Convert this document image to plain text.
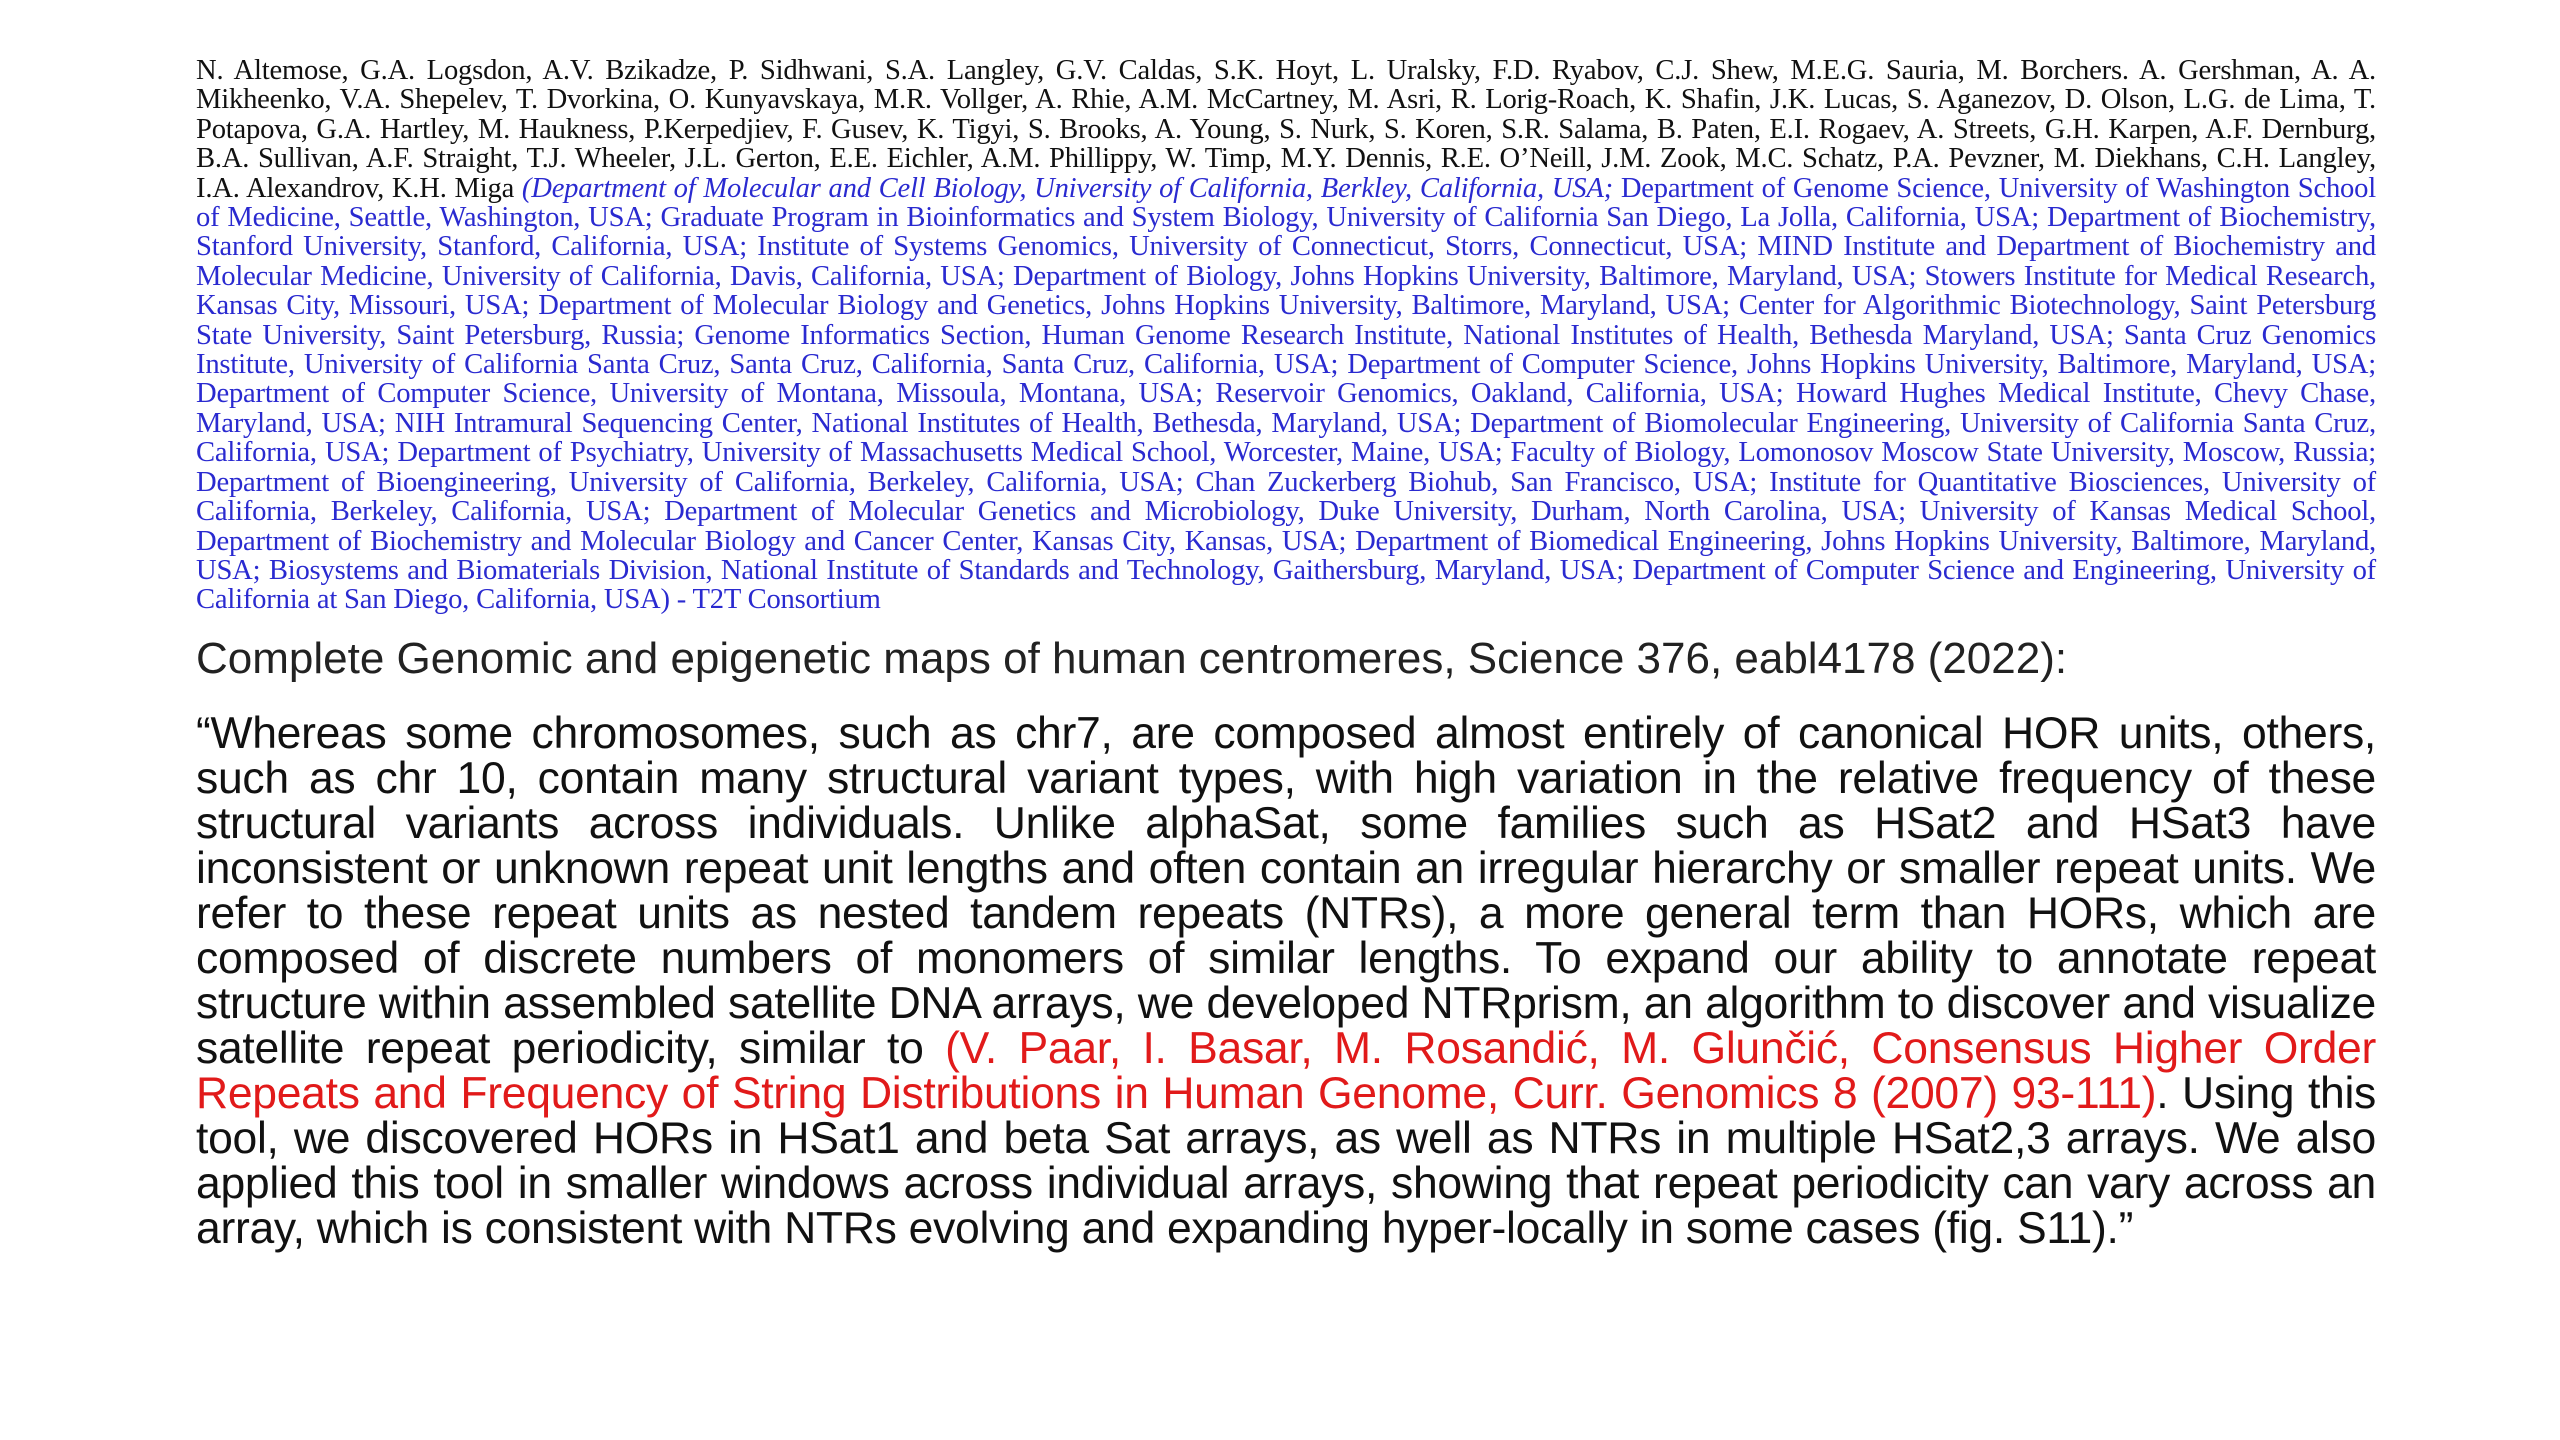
N. Altemose, G.A. Logsdon, A.V. Bzikadze, P. Sidhwani, S.A. Langley, G.V. Caldas, S.K. Hoyt, L. Uralsky, F.D. Ryabov, C.J. Shew, M.E.G. Sauria, M. Borchers. A. Gershman, A. A. Mikheenko, V.A. Shepelev, T. Dvorkina, O. Kunyavskaya, M.R. Vollger, A. Rhie, A.M. McCartney, M. Asri, R. Lorig-Roach, K. Shafin, J.K. Lucas, S. Aganezov, D. Olson, L.G. de Lima, T. Potapova, G.A. Hartley, M. Haukness, P.Kerpedjiev, F. Gusev, K. Tigyi, S. Brooks, A. Young, S. Nurk, S. Koren, S.R. Salama, B. Paten, E.I. Rogaev, A. Streets, G.H. Karpen, A.F. Dernburg, B.A. Sullivan, A.F. Straight, T.J. Wheeler, J.L. Gerton, E.E. Eichler, A.M. Phillippy, W. Timp, M.Y. Dennis, R.E. O’Neill, J.M. Zook, M.C. Schatz, P.A. Pevzner, M. Diekhans, C.H. Langley, I.A. Alexandrov, K.H. Miga (Department of Molecular and Cell Biology, University of California, Berkley, California, USA; Department of Genome Science, University of Washington School of Medicine, Seattle, Washington, USA; Graduate Program in Bioinformatics and System Biology, University of California San Diego, La Jolla, California, USA; Department of Biochemistry, Stanford University, Stanford, California, USA; Institute of Systems Genomics, University of Connecticut, Storrs, Connecticut, USA; MIND Institute and Department of Biochemistry and Molecular Medicine, University of California, Davis, California, USA; Department of Biology, Johns Hopkins University, Baltimore, Maryland, USA; Stowers Institute for Medical Research, Kansas City, Missouri, USA; Department of Molecular Biology and Genetics, Johns Hopkins University, Baltimore, Maryland, USA; Center for Algorithmic Biotechnology, Saint Petersburg State University, Saint Petersburg, Russia; Genome Informatics Section, Human Genome Research Institute, National Institutes of Health, Bethesda Maryland, USA; Santa Cruz Genomics Institute, University of California Santa Cruz, Santa Cruz, California, Santa Cruz, California, USA; Department of Computer Science, Johns Hopkins University, Baltimore, Maryland, USA; Department of Computer Science, University of Montana, Missoula, Montana, USA; Reservoir Genomics, Oakland, California, USA; Howard Hughes Medical Institute, Chevy Chase, Maryland, USA; NIH Intramural Sequencing Center, National Institutes of Health, Bethesda, Maryland, USA; Department of Biomolecular Engineering, University of California Santa Cruz, California, USA; Department of Psychiatry, University of Massachusetts Medical School, Worcester, Maine, USA; Faculty of Biology, Lomonosov Moscow State University, Moscow, Russia; Department of Bioengineering, University of California, Berkeley, California, USA; Chan Zuckerberg Biohub, San Francisco, USA; Institute for Quantitative Biosciences, University of California, Berkeley, California, USA; Department of Molecular Genetics and Microbiology, Duke University, Durham, North Carolina, USA; University of Kansas Medical School, Department of Biochemistry and Molecular Biology and Cancer Center, Kansas City, Kansas, USA; Department of Biomedical Engineering, Johns Hopkins University, Baltimore, Maryland, USA; Biosystems and Biomaterials Division, National Institute of Standards and Technology, Gaithersburg, Maryland, USA; Department of Computer Science and Engineering, University of California at San Diego, California, USA) - T2T Consortium

Complete Genomic and epigenetic maps of human centromeres, Science 376, eabl4178 (2022):

“Whereas some chromosomes, such as chr7, are composed almost entirely of canonical HOR units, others, such as chr 10, contain many structural variant types, with high variation in the relative frequency of these structural variants across individuals. Unlike alphaSat, some families such as HSat2 and HSat3 have inconsistent or unknown repeat unit lengths and often contain an irregular hierarchy or smaller repeat units. We refer to these repeat units as nested tandem repeats (NTRs), a more general term than HORs, which are composed of discrete numbers of monomers of similar lengths. To expand our ability to annotate repeat structure within assembled satellite DNA arrays, we developed NTRprism, an algorithm to discover and visualize satellite repeat periodicity, similar to (V. Paar, I. Basar, M. Rosandić, M. Glunčić, Consensus Higher Order Repeats and Frequency of String Distributions in Human Genome, Curr. Genomics 8 (2007) 93-111). Using this tool, we discovered HORs in HSat1 and beta Sat arrays, as well as NTRs in multiple HSat2,3 arrays. We also applied this tool in smaller windows across individual arrays, showing that repeat periodicity can vary across an array, which is consistent with NTRs evolving and expanding hyper-locally in some cases (fig. S11).”
